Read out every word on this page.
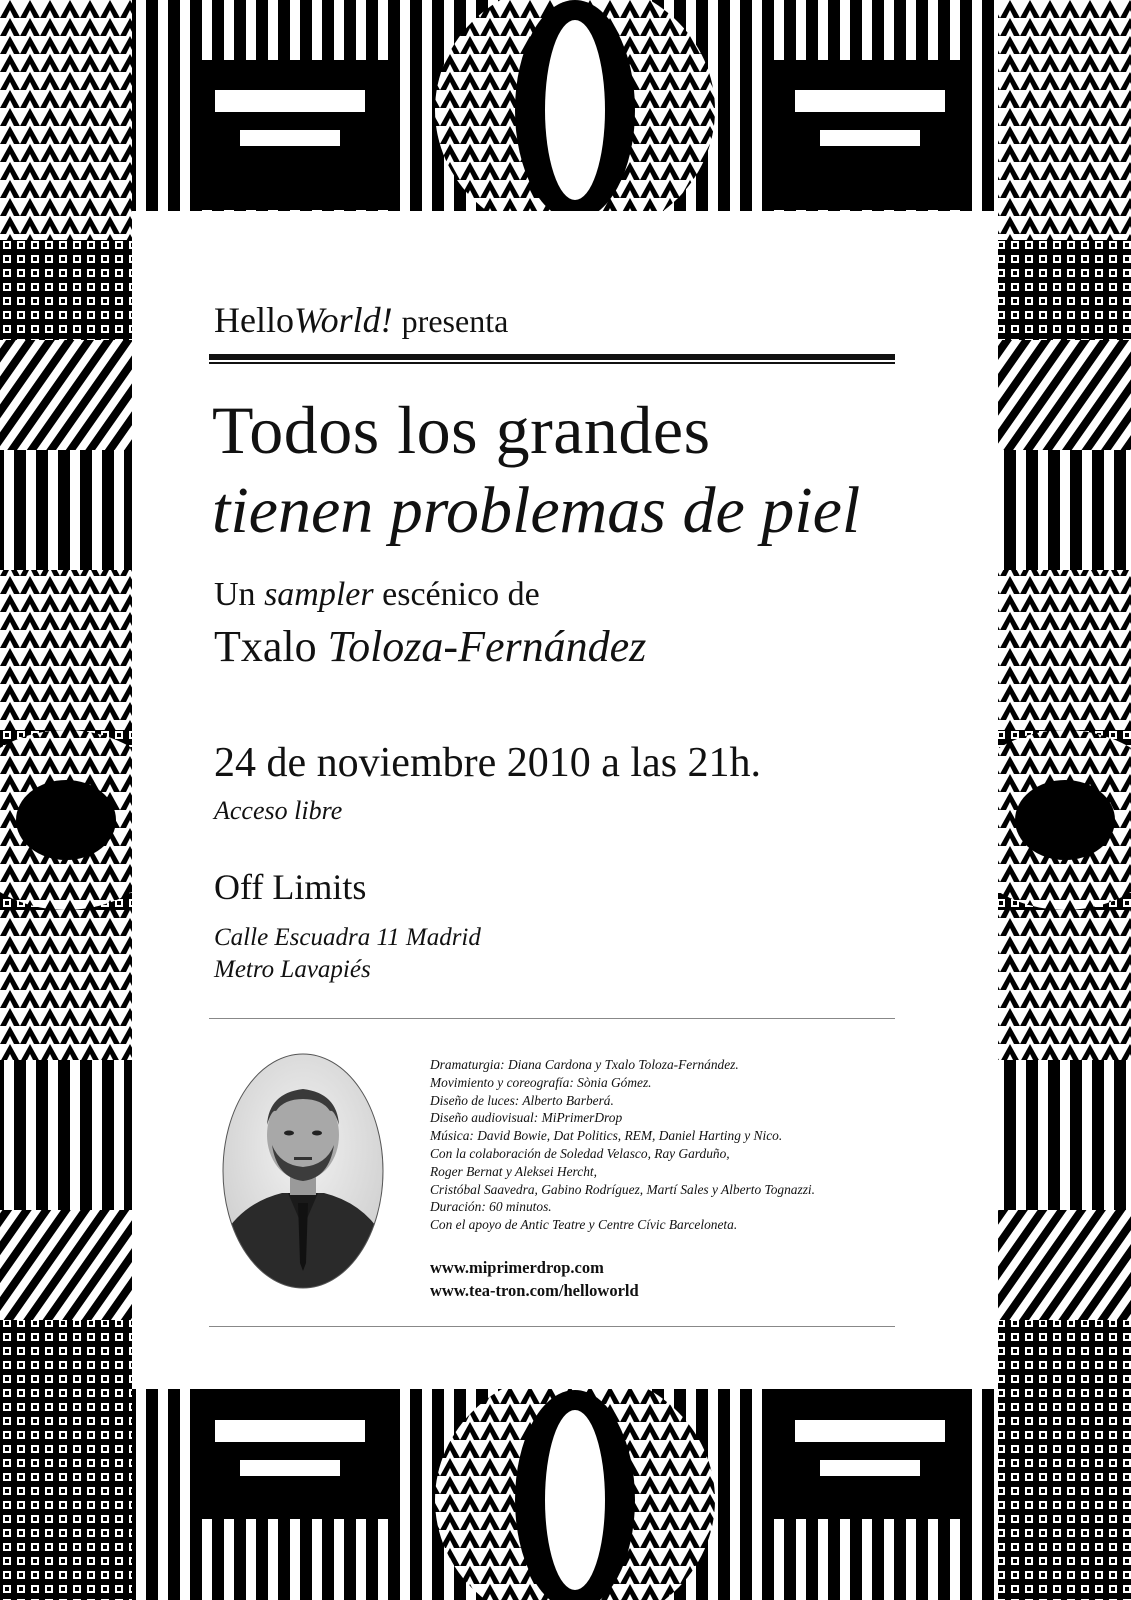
HelloWorld! presenta
Todos los grandes
tienen problemas de piel
Un sampler escénico de
Txalo Toloza-Fernández
24 de noviembre 2010 a las 21h.
Acceso libre
Off Limits
Calle Escuadra 11 Madrid
Metro Lavapiés
Dramaturgia: Diana Cardona y Txalo Toloza-Fernández.
Movimiento y coreografía: Sònia Gómez.
Diseño de luces: Alberto Barberá.
Diseño audiovisual: MiPrimerDrop
Música: David Bowie, Dat Politics, REM, Daniel Harting y Nico.
Con la colaboración de Soledad Velasco, Ray Garduño,
Roger Bernat y Aleksei Hercht,
Cristóbal Saavedra, Gabino Rodríguez, Martí Sales y Alberto Tognazzi.
Duración: 60 minutos.
Con el apoyo de Antic Teatre y Centre Cívic Barceloneta.
www.miprimerdrop.com
www.tea-tron.com/helloworld
